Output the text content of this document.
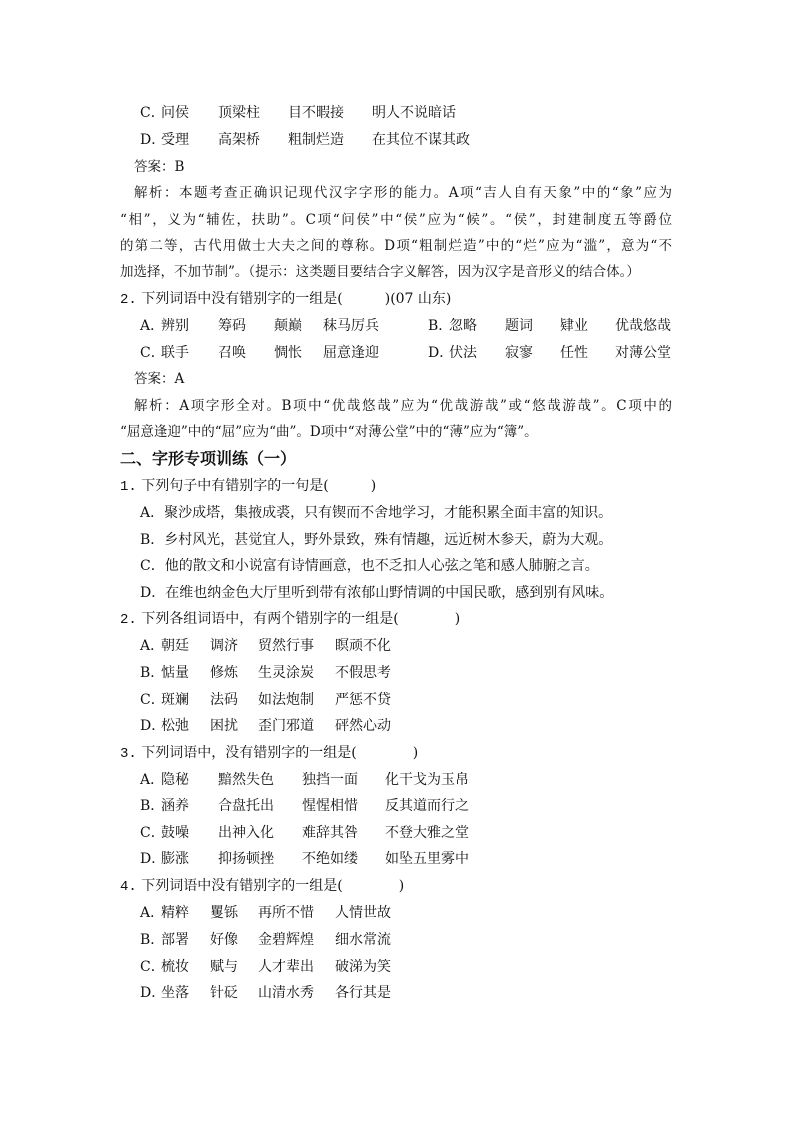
C．
问侯 顶梁柱 目不暇接 明人不说暗话
D．
受理 高架桥 粗制烂造 在其位不谋其政
答案：B
解析：本题考查正确识记现代汉字字形的能力。A项“吉人自有天象”中的“象”应为
“相”，义为“辅佐，扶助”。C项“问侯”中“侯”应为“候”。“侯”，封建制度五等爵位
的第二等，古代用做士大夫之间的尊称。D项“粗制烂造”中的“烂”应为“滥”，意为“不
加选择，不加节制”。（提示：这类题目要结合字义解答，因为汉字是音形义的结合体。）
2. 下列词语中没有错别字的一组是(　　　)(07 山东)
A．
辨别 筹码 颠巅 秣马厉兵	B．
忽略 题词 肄业 优哉悠哉
C．
联手 召唤 惆怅 屈意逢迎	D．
伏法 寂寥 任性 对薄公堂
答案：A
解析：A项字形全对。B项中“优哉悠哉”应为“优哉游哉”或“悠哉游哉”。C项中的
“屈意逢迎”中的“屈”应为“曲”。D项中“对薄公堂”中的“薄”应为“簿”。
二、字形专项训练（一）
1. 下列句子中有错别字的一句是(　　　)
A．聚沙成塔，集掖成裘，只有锲而不舍地学习，才能积累全面丰富的知识。
B．乡村风光，甚觉宜人，野外景致，殊有情趣，远近树木参天，蔚为大观。
C．他的散文和小说富有诗情画意，也不乏扣人心弦之笔和感人肺腑之言。
D．在维也纳金色大厅里听到带有浓郁山野情调的中国民歌，感到别有风味。
2. 下列各组词语中，有两个错别字的一组是(　　　　)
A．
朝廷 调济 贸然行事 瞑顽不化
B．
惦量 修炼 生灵涂炭 不假思考
C．
斑斓 法码 如法炮制 严惩不贷
D．
松弛 困扰 歪门邪道 砰然心动
3. 下列词语中，没有错别字的一组是(　　　　)
A．
隐秘 黯然失色 独挡一面 化干戈为玉帛
B．
涵养 合盘托出 惺惺相惜 反其道而行之
C．
鼓噪 出神入化 难辞其咎 不登大雅之堂
D．
膨涨 抑扬顿挫 不绝如缕 如坠五里雾中
4. 下列词语中没有错别字的一组是(　　　　)
A．
精粹 矍铄 再所不惜 人情世故
B．
部署 好像 金碧辉煌 细水常流
C．
梳妆 赋与 人才辈出 破涕为笑
D．
坐落 针砭 山清水秀 各行其是
